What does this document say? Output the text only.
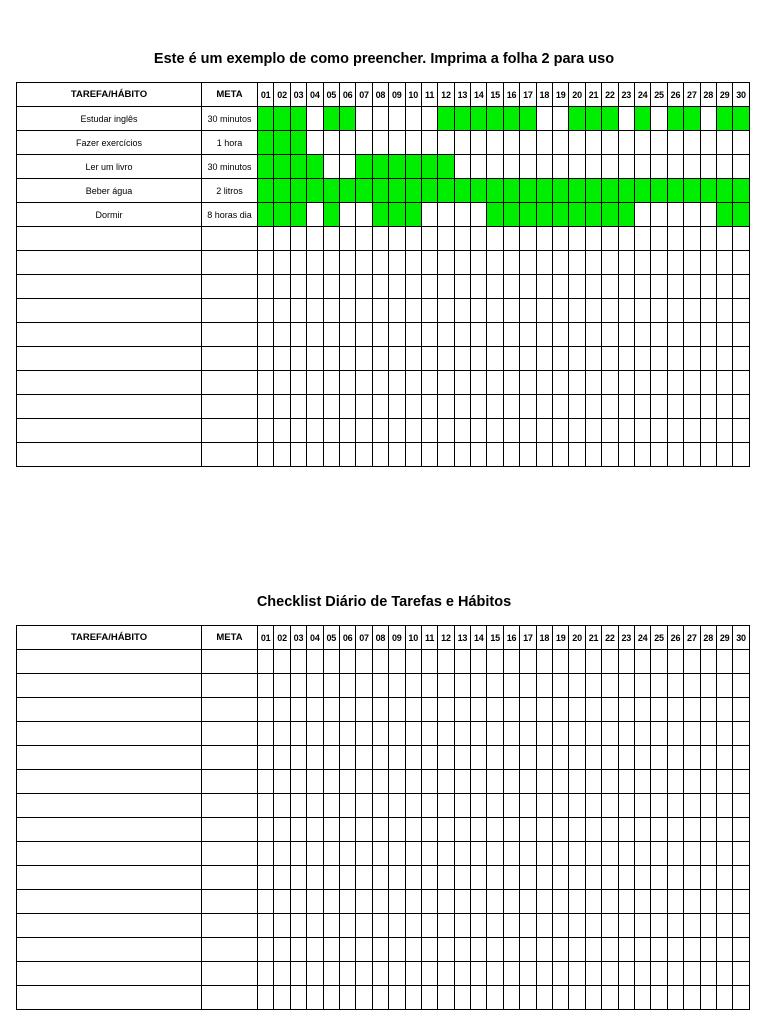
Este é um exemplo de como preencher. Imprima a folha 2 para uso
TAREFA/HÁBITO	META	01	02	03	04	05	06	07	08	09	10	11	12	13	14	15	16	17	18	19	20	21	22	23	24	25	26	27	28	29	30
Estudar inglês	30 minutos																														
Fazer exercícios	1 hora																														
Ler um livro	30 minutos																														
Beber água	2 litros																														
Dormir	8 horas dia																														

Checklist Diário de Tarefas e Hábitos
TAREFA/HÁBITO	META	01	02	03	04	05	06	07	08	09	10	11	12	13	14	15	16	17	18	19	20	21	22	23	24	25	26	27	28	29	30
